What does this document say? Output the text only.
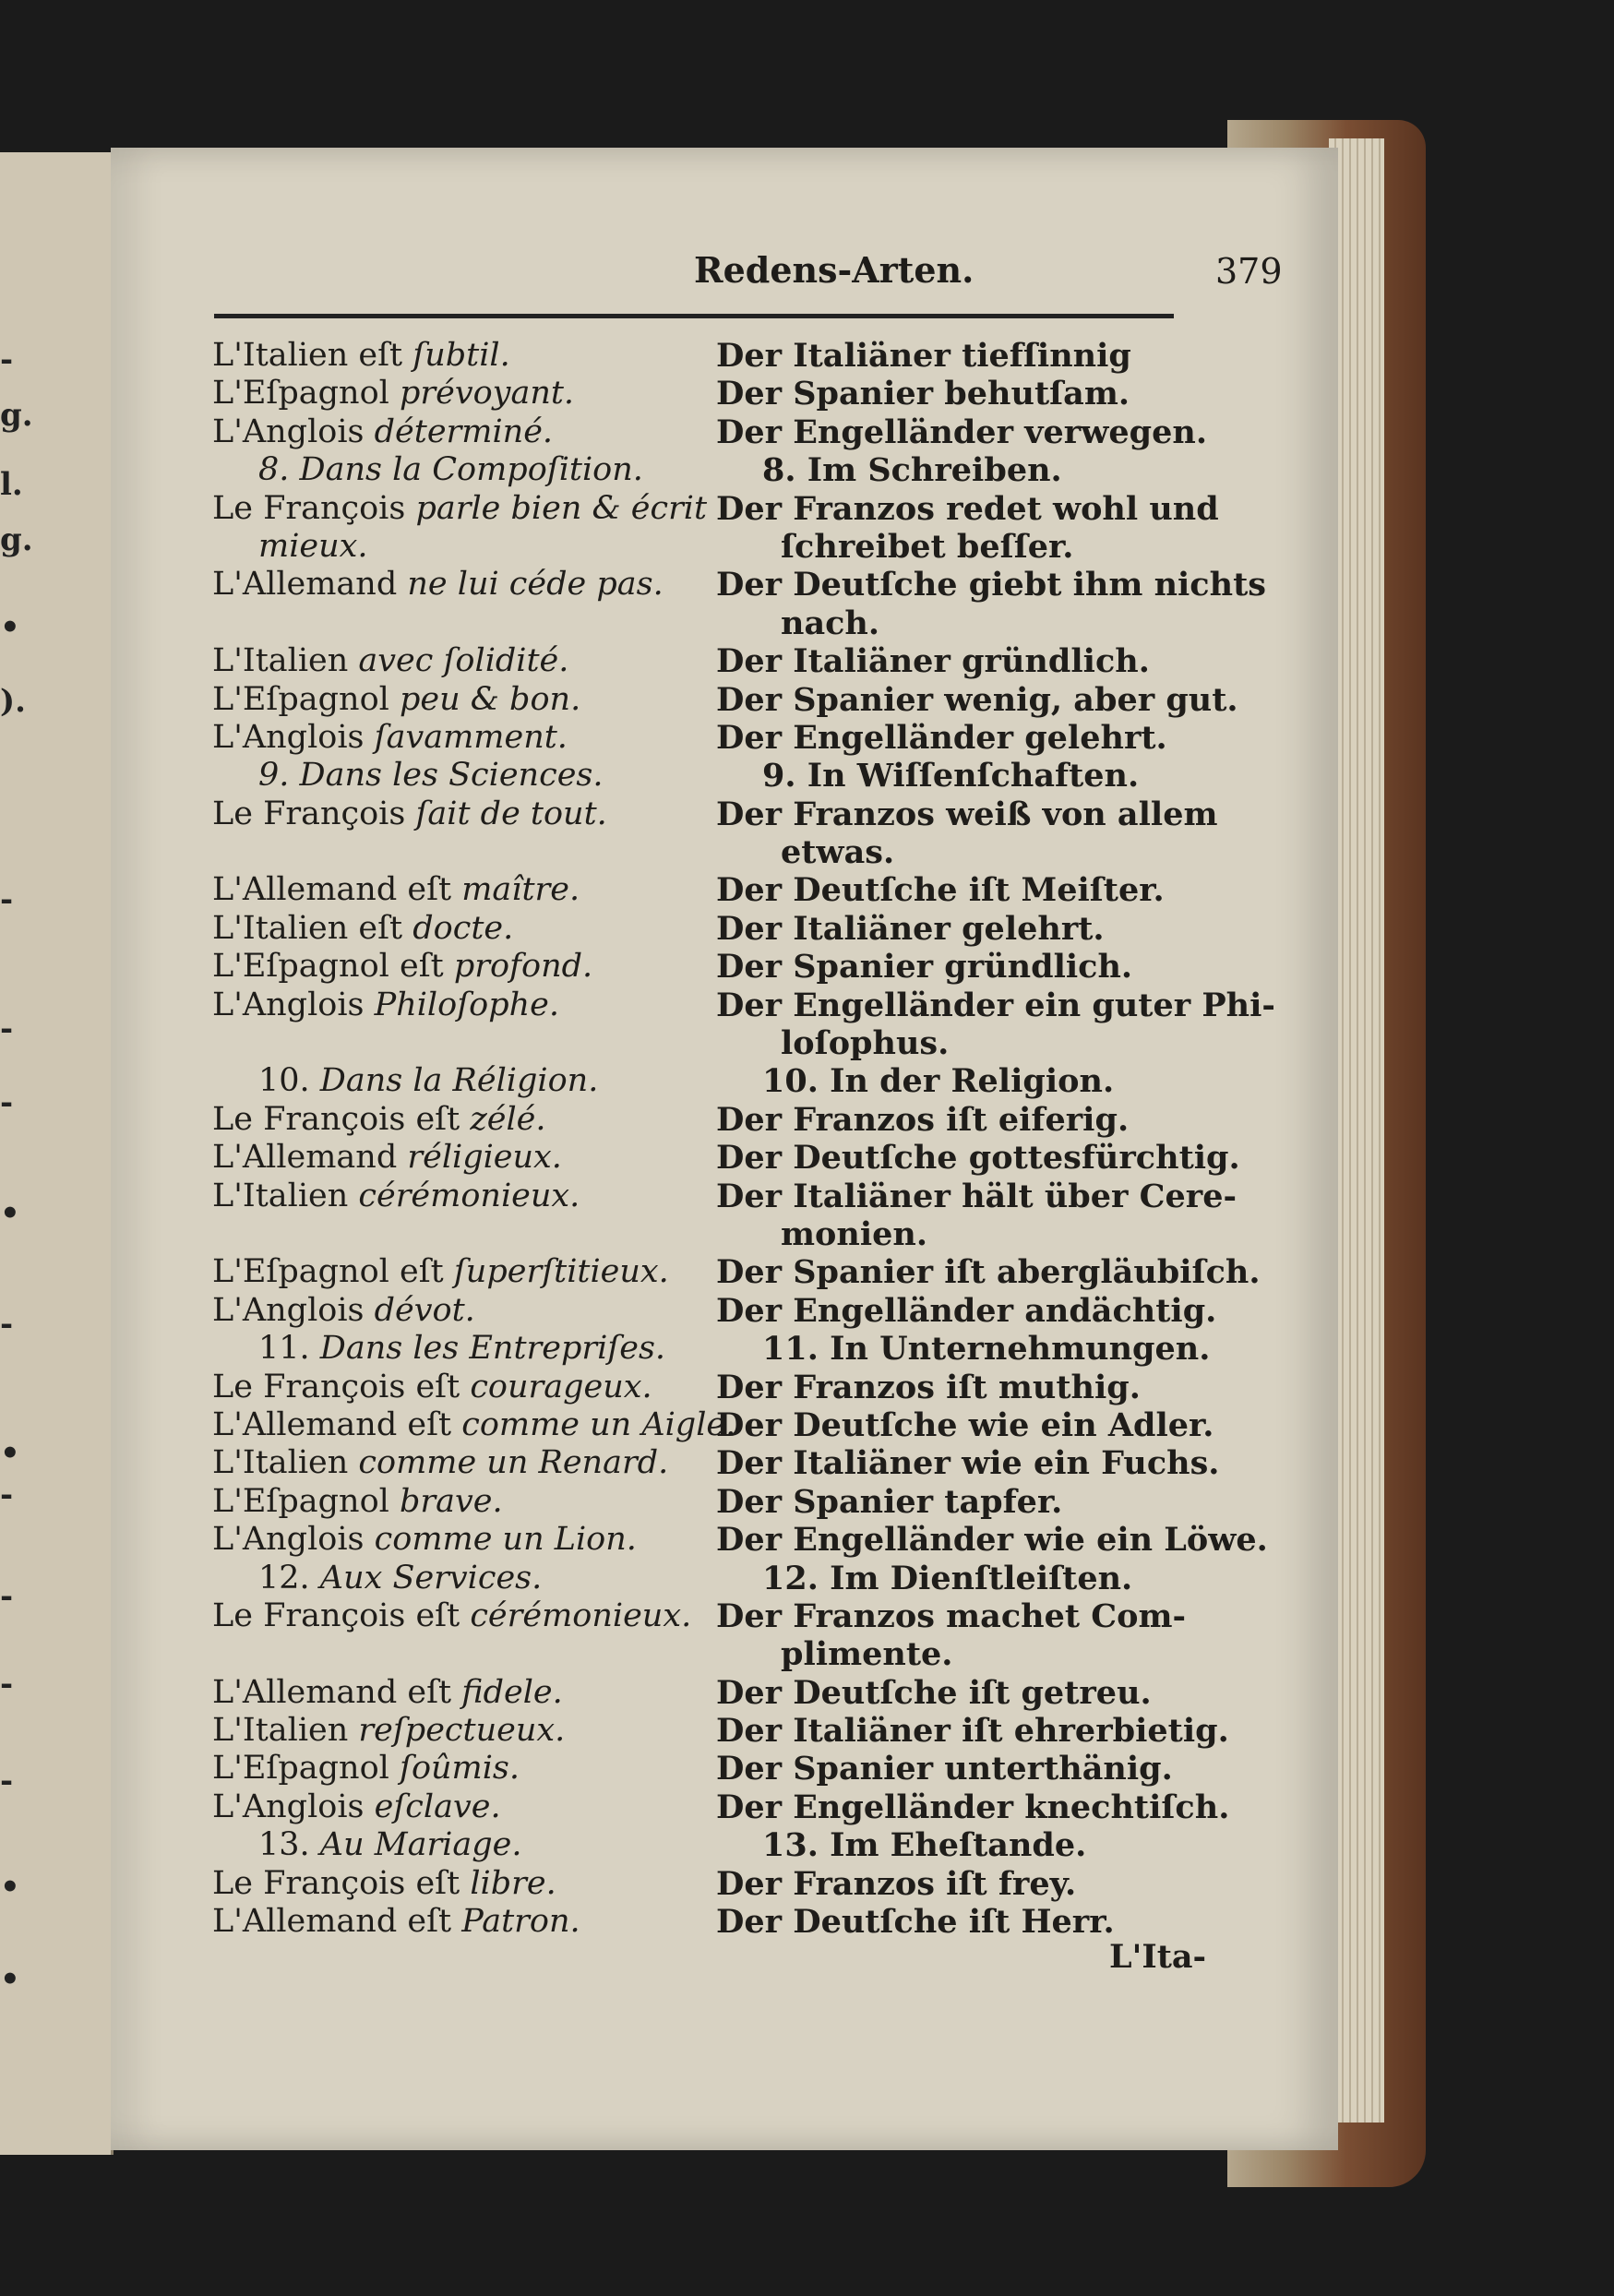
-
g.
l.
g.
•
).
-
-
-
•
-
•
-
-
-
-
•
•
Redens-Arten.	379
L'Italien eſt ſubtil.
L'Eſpagnol prévoyant.
L'Anglois déterminé.
8. Dans la Compoſition.
Le François parle bien & écrit
mieux.
L'Allemand ne lui céde pas.
L'Italien avec ſolidité.
L'Eſpagnol peu & bon.
L'Anglois ſavamment.
9. Dans les Sciences.
Le François ſait de tout.
L'Allemand eſt maître.
L'Italien eſt docte.
L'Eſpagnol eſt profond.
L'Anglois Philoſophe.
10. Dans la Réligion.
Le François eſt zélé.
L'Allemand réligieux.
L'Italien cérémonieux.
L'Eſpagnol eſt ſuperſtitieux.
L'Anglois dévot.
11. Dans les Entrepriſes.
Le François eſt courageux.
L'Allemand eſt comme un Aigle.
L'Italien comme un Renard.
L'Eſpagnol brave.
L'Anglois comme un Lion.
12. Aux Services.
Le François eſt cérémonieux.
L'Allemand eſt fidele.
L'Italien reſpectueux.
L'Eſpagnol ſoûmis.
L'Anglois eſclave.
13. Au Mariage.
Le François eſt libre.
L'Allemand eſt Patron.
Der Italiäner tiefſinnig
Der Spanier behutſam.
Der Engelländer verwegen.
8. Im Schreiben.
Der Franzos redet wohl und
ſchreibet beſſer.
Der Deutſche giebt ihm nichts
nach.
Der Italiäner gründlich.
Der Spanier wenig, aber gut.
Der Engelländer gelehrt.
9. In Wiſſenſchaften.
Der Franzos weiß von allem
etwas.
Der Deutſche iſt Meiſter.
Der Italiäner gelehrt.
Der Spanier gründlich.
Der Engelländer ein guter Phi-
loſophus.
10. In der Religion.
Der Franzos iſt eiferig.
Der Deutſche gottesfürchtig.
Der Italiäner hält über Cere-
monien.
Der Spanier iſt abergläubiſch.
Der Engelländer andächtig.
11. In Unternehmungen.
Der Franzos iſt muthig.
Der Deutſche wie ein Adler.
Der Italiäner wie ein Fuchs.
Der Spanier tapfer.
Der Engelländer wie ein Löwe.
12. Im Dienſtleiſten.
Der Franzos machet Com-
plimente.
Der Deutſche iſt getreu.
Der Italiäner iſt ehrerbietig.
Der Spanier unterthänig.
Der Engelländer knechtiſch.
13. Im Eheſtande.
Der Franzos iſt frey.
Der Deutſche iſt Herr.
L'Ita-
